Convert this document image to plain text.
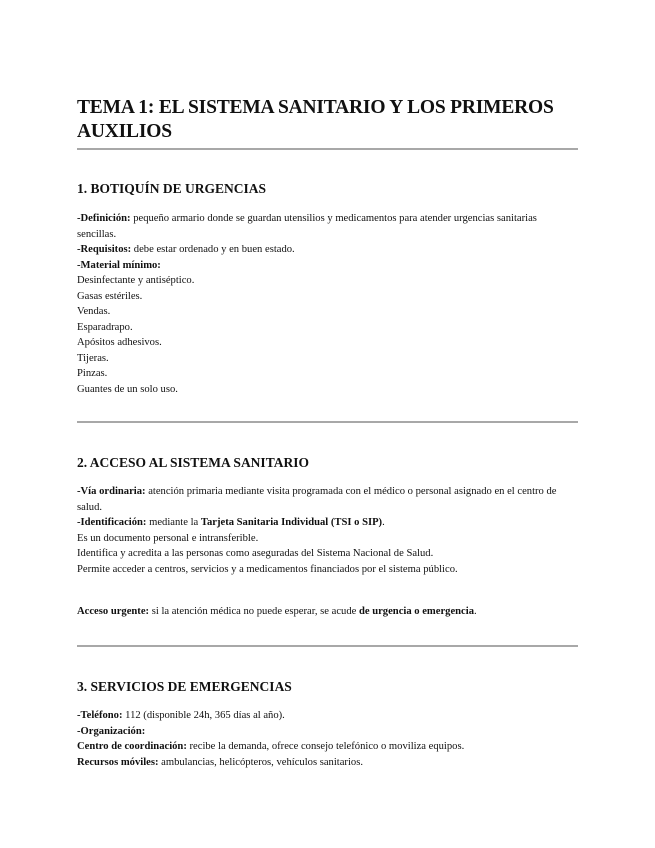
TEMA 1: EL SISTEMA SANITARIO Y LOS PRIMEROS AUXILIOS
1. BOTIQUÍN DE URGENCIAS
-Definición: pequeño armario donde se guardan utensilios y medicamentos para atender urgencias sanitarias sencillas.
-Requisitos: debe estar ordenado y en buen estado.
-Material mínimo:
Desinfectante y antiséptico.
Gasas estériles.
Vendas.
Esparadrapo.
Apósitos adhesivos.
Tijeras.
Pinzas.
Guantes de un solo uso.
2. ACCESO AL SISTEMA SANITARIO
-Vía ordinaria: atención primaria mediante visita programada con el médico o personal asignado en el centro de salud.
-Identificación: mediante la Tarjeta Sanitaria Individual (TSI o SIP).
Es un documento personal e intransferible.
Identifica y acredita a las personas como aseguradas del Sistema Nacional de Salud.
Permite acceder a centros, servicios y a medicamentos financiados por el sistema público.
Acceso urgente: si la atención médica no puede esperar, se acude de urgencia o emergencia.
3. SERVICIOS DE EMERGENCIAS
-Teléfono: 112 (disponible 24h, 365 días al año).
-Organización:
Centro de coordinación: recibe la demanda, ofrece consejo telefónico o moviliza equipos.
Recursos móviles: ambulancias, helicópteros, vehículos sanitarios.
